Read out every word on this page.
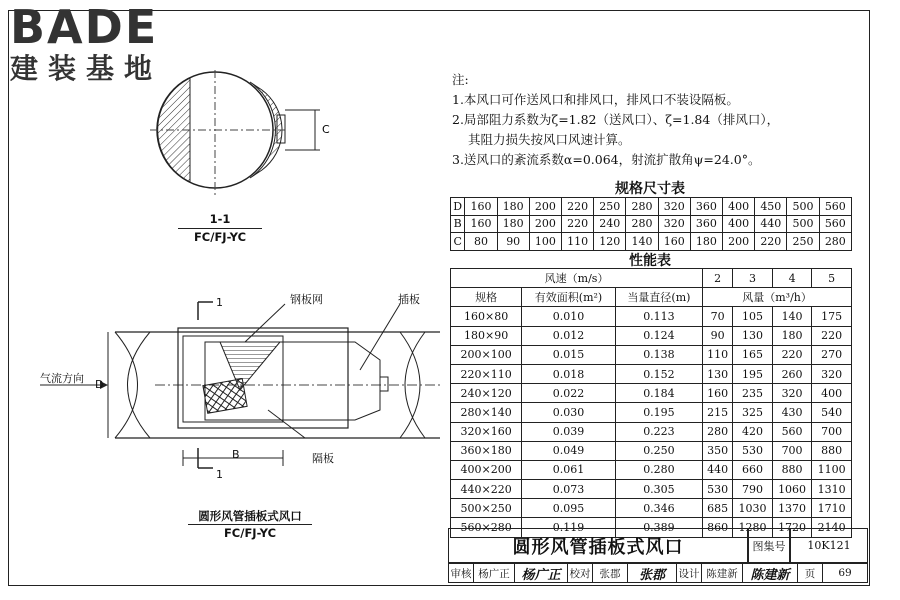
BADE
建装基地
C
1-1
FC/FJ-YC
钢板网	插板
气流方向
隔板
D
B
1
1
圆形风管插板式风口
FC/FJ-YC
注:
1.本风口可作送风口和排风口，排风口不装设隔板。
2.局部阻力系数为ζ=1.82（送风口）、ζ=1.84（排风口），
其阻力损失按风口风速计算。
3.送风口的紊流系数α=0.064，射流扩散角ψ=24.0°。
规格尺寸表
D	160	180	200	220	250	280	320	360	400	450	500	560
B	160	180	200	220	240	280	320	360	400	440	500	560
C	80	90	100	110	120	140	160	180	200	220	250	280
性能表
风速（m/s）			2	3	4	5
规格	有效面积(m²)	当量直径(m)	风量（m³/h）			
160×80	0.010	0.113	70	105	140	175
180×90	0.012	0.124	90	130	180	220
200×100	0.015	0.138	110	165	220	270
220×110	0.018	0.152	130	195	260	320
240×120	0.022	0.184	160	235	320	400
280×140	0.030	0.195	215	325	430	540
320×160	0.039	0.223	280	420	560	700
360×180	0.049	0.250	350	530	700	880
400×200	0.061	0.280	440	660	880	1100
440×220	0.073	0.305	530	790	1060	1310
500×250	0.095	0.346	685	1030	1370	1710
560×280	0.119	0.389	860	1280	1720	2140
圆形风管插板式风口	图集号	10K121
审核 杨广正 杨广正 校对 张郡	张郡	设计 陈建新 陈建新	页	69
